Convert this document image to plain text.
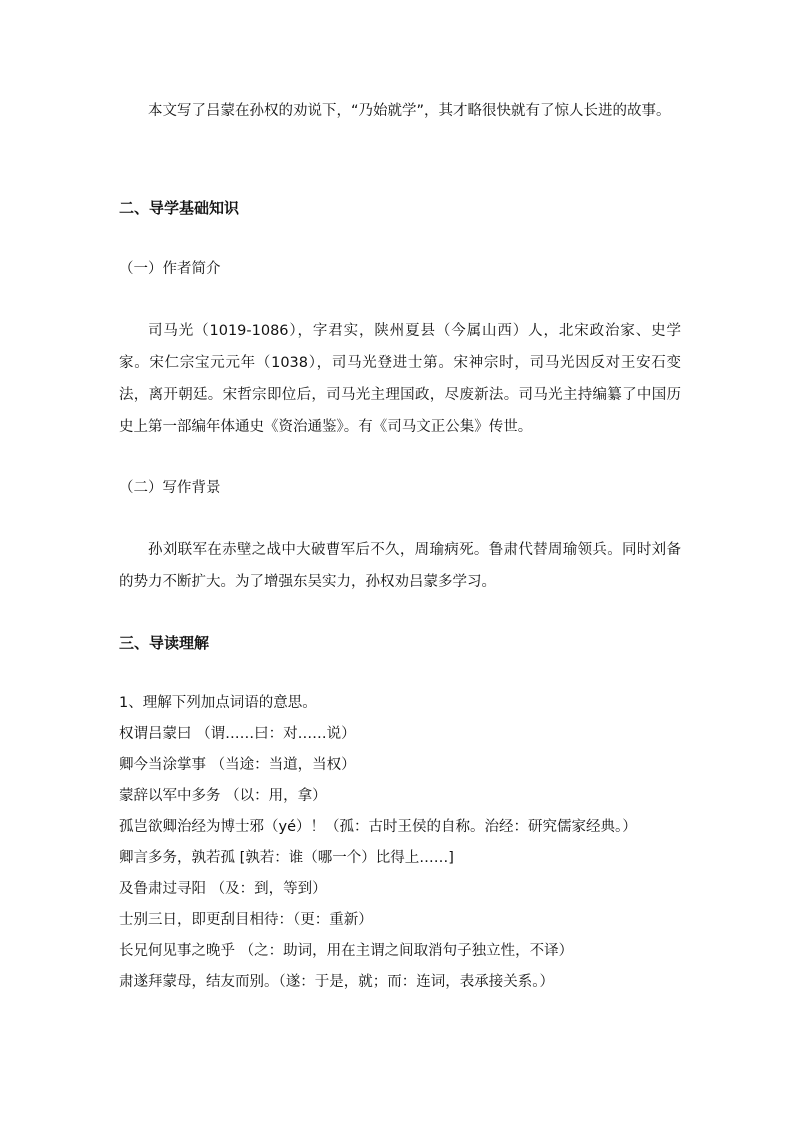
本文写了吕蒙在孙权的劝说下，“乃始就学”，其才略很快就有了惊人长进的故事。
二、导学基础知识
（一）作者简介
司马光（1019-1086），字君实，陕州夏县（今属山西）人，北宋政治家、史学家。宋仁宗宝元元年（1038），司马光登进士第。宋神宗时，司马光因反对王安石变法，离开朝廷。宋哲宗即位后，司马光主理国政，尽废新法。司马光主持编纂了中国历史上第一部编年体通史《资治通鉴》。有《司马文正公集》传世。
（二）写作背景
孙刘联军在赤壁之战中大破曹军后不久，周瑜病死。鲁肃代替周瑜领兵。同时刘备的势力不断扩大。为了增强东吴实力，孙权劝吕蒙多学习。
三、导读理解
1、理解下列加点词语的意思。
权谓吕蒙曰 （谓……曰：对……说）
卿今当涂掌事 （当途：当道，当权）
蒙辞以军中多务 （以：用，拿）
孤岂欲卿治经为博士邪（yé）！（孤：古时王侯的自称。治经：研究儒家经典。）
卿言多务，孰若孤 [孰若：谁（哪一个）比得上……]
及鲁肃过寻阳 （及：到，等到）
士别三日，即更刮目相待：（更：重新）
长兄何见事之晚乎 （之：助词，用在主谓之间取消句子独立性，不译）
肃遂拜蒙母，结友而别。（遂：于是，就；而：连词，表承接关系。）
